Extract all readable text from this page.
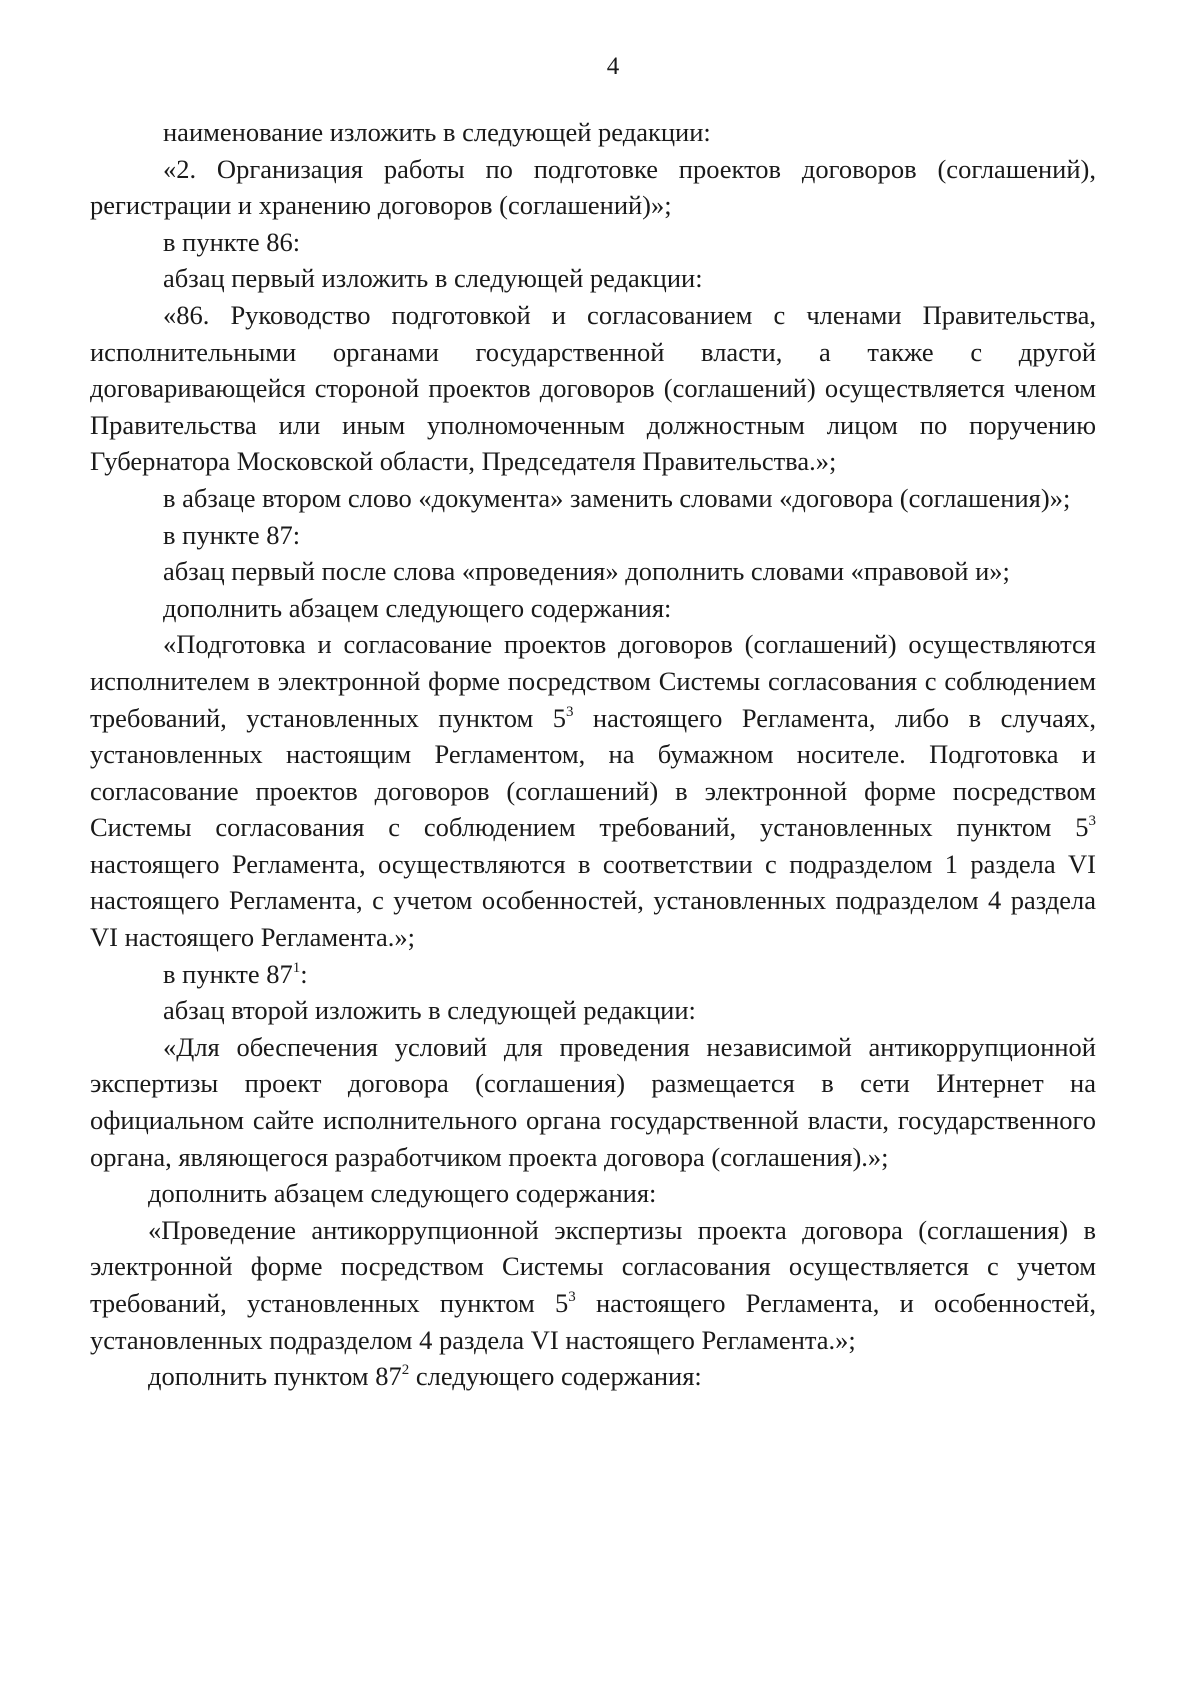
4

наименование изложить в следующей редакции:

«2. Организация работы по подготовке проектов договоров (соглашений), регистрации и хранению договоров (соглашений)»;

в пункте 86:

абзац первый изложить в следующей редакции:

«86. Руководство подготовкой и согласованием с членами Правительства, исполнительными органами государственной власти, а также с другой договаривающейся стороной проектов договоров (соглашений) осуществляется членом Правительства или иным уполномоченным должностным лицом по поручению Губернатора Московской области, Председателя Правительства.»;

в абзаце втором слово «документа» заменить словами «договора (соглашения)»;

в пункте 87:

абзац первый после слова «проведения» дополнить словами «правовой и»;

дополнить абзацем следующего содержания:

«Подготовка и согласование проектов договоров (соглашений) осуществляются исполнителем в электронной форме посредством Системы согласования с соблюдением требований, установленных пунктом $5^3$ настоящего Регламента, либо в случаях, установленных настоящим Регламентом, на бумажном носителе. Подготовка и согласование проектов договоров (соглашений) в электронной форме посредством Системы согласования с соблюдением требований, установленных пунктом $5^3$ настоящего Регламента, осуществляются в соответствии с подразделом 1 раздела VI настоящего Регламента, с учетом особенностей, установленных подразделом 4 раздела VI настоящего Регламента.»;

в пункте $87^1$:

абзац второй изложить в следующей редакции:

«Для обеспечения условий для проведения независимой антикоррупционной экспертизы проект договора (соглашения) размещается в сети Интернет на официальном сайте исполнительного органа государственной власти, государственного органа, являющегося разработчиком проекта договора (соглашения).»;

дополнить абзацем следующего содержания:

«Проведение антикоррупционной экспертизы проекта договора (соглашения) в электронной форме посредством Системы согласования осуществляется с учетом требований, установленных пунктом $5^3$ настоящего Регламента, и особенностей, установленных подразделом 4 раздела VI настоящего Регламента.»;

дополнить пунктом $87^2$ следующего содержания:
